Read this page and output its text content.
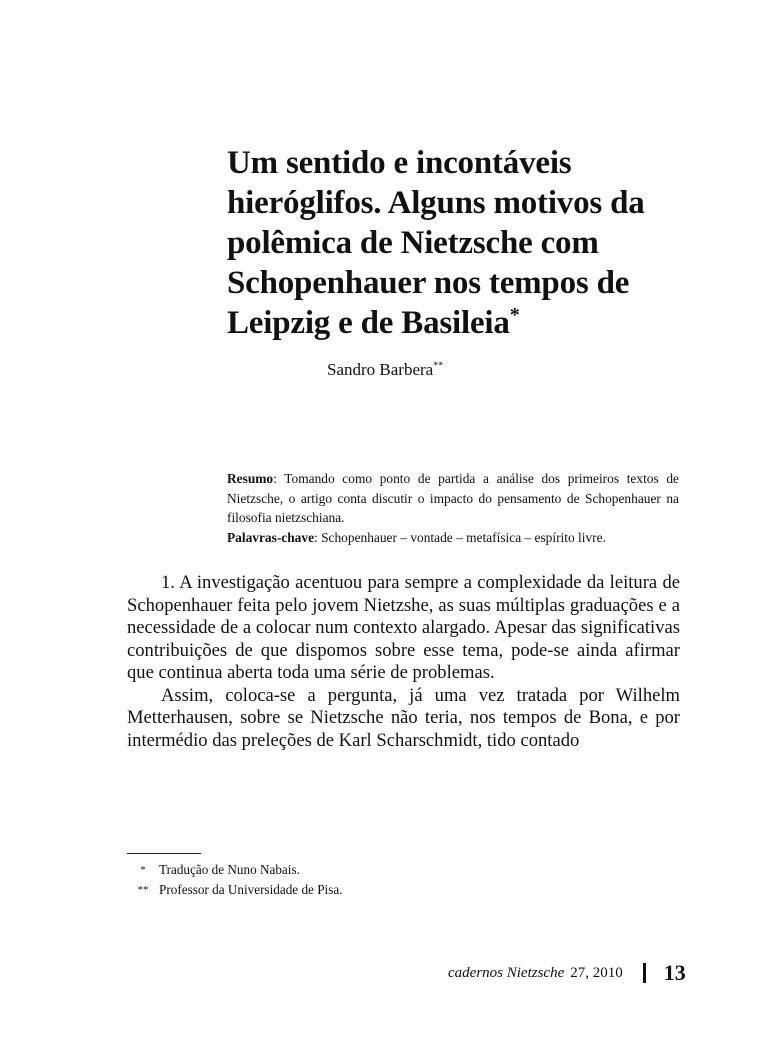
Um sentido e incontáveis hieróglifos. Alguns motivos da polêmica de Nietzsche com Schopenhauer nos tempos de Leipzig e de Basileia*
Sandro Barbera**

Resumo: Tomando como ponto de partida a análise dos primeiros textos de Nietzsche, o artigo conta discutir o impacto do pensamento de Schopenhauer na filosofia nietzschiana.

Palavras-chave: Schopenhauer – vontade – metafísica – espírito livre.

1. A investigação acentuou para sempre a complexidade da leitura de Schopenhauer feita pelo jovem Nietzshe, as suas múltiplas graduações e a necessidade de a colocar num contexto alargado. Apesar das significativas contribuições de que dispomos sobre esse tema, pode-se ainda afirmar que continua aberta toda uma série de problemas.

Assim, coloca-se a pergunta, já uma vez tratada por Wilhelm Metterhausen, sobre se Nietzsche não teria, nos tempos de Bona, e por intermédio das preleções de Karl Scharschmidt, tido contado

*	Tradução de Nuno Nabais.
** Professor da Universidade de Pisa.
cadernos Nietzsche 27, 2010 13
